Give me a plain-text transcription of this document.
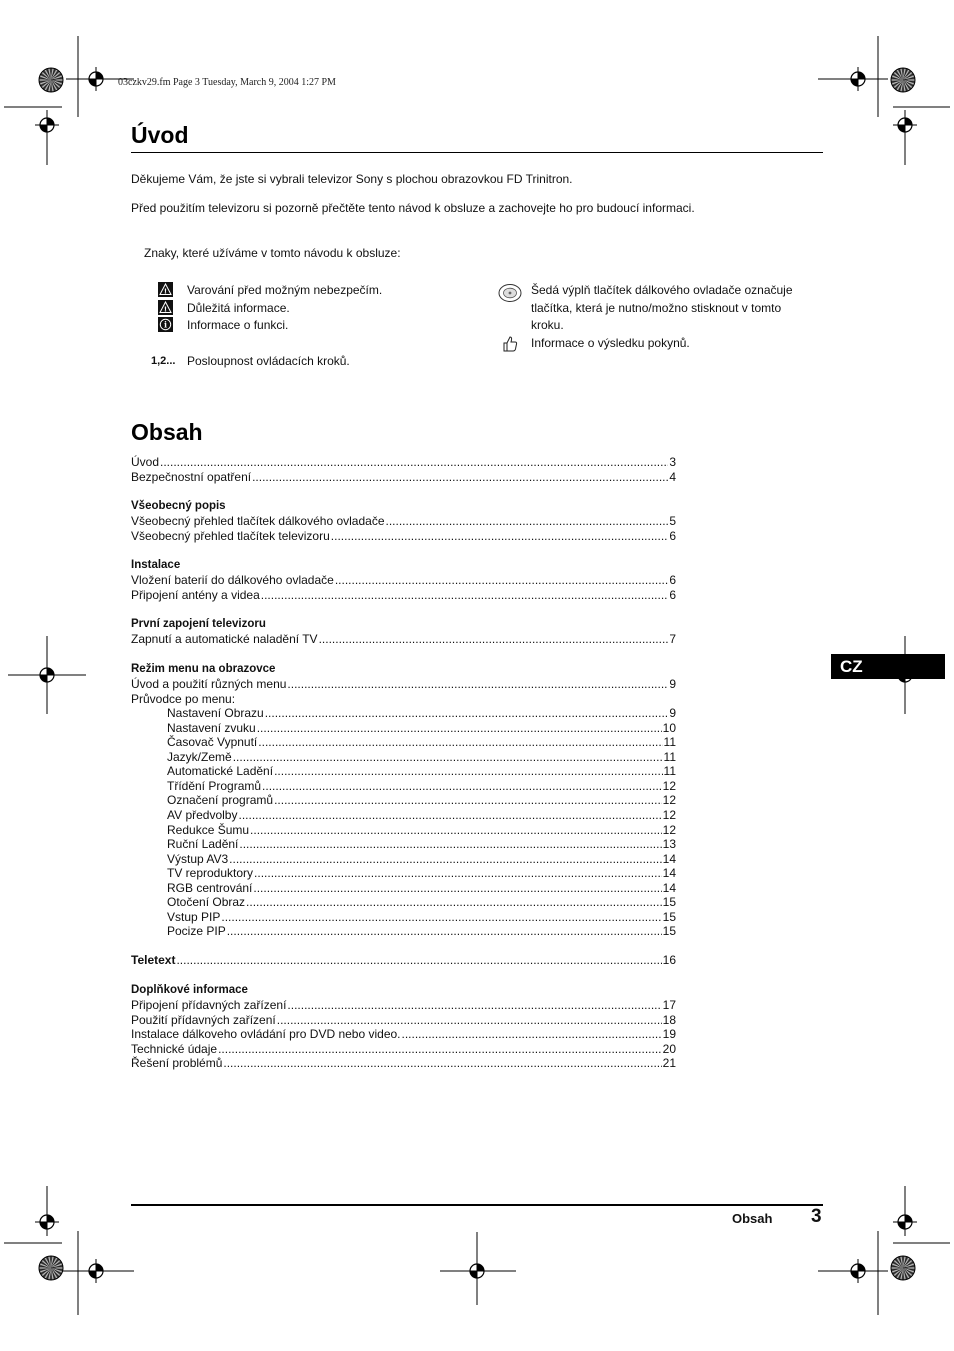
03czkv29.fm Page 3 Tuesday, March 9, 2004 1:27 PM
Úvod
Děkujeme Vám, že jste si vybrali televizor Sony s plochou obrazovkou FD Trinitron.
Před použitím televizoru si pozorně přečtěte tento návod k obsluze a zachovejte ho pro budoucí informaci.
Znaky, které užíváme v tomto návodu k obsluze:
! Varování před možným nebezpečím.
! Důležitá informace.
i Informace o funkci.
1,2... Posloupnost ovládacích kroků.
Šedá výplň tlačítek dálkového ovladače označuje
tlačítka, která je nutno/možno stisknout v tomto
kroku.
Informace o výsledku pokynů.
Obsah
Úvod .....	3
Bezpečnostní opatření .....	4
Všeobecný popis
Všeobecný přehled tlačítek dálkového ovladače .....	5
Všeobecný přehled tlačítek televizoru .....	6
Instalace
Vložení baterií do dálkového ovladače .....	6
Připojení antény a videa .....	6
První zapojení televizoru
Zapnutí a automatické naladění TV .....	7
Režim menu na obrazovce
Úvod a použití různých menu .....	9
Průvodce po menu:
Nastavení Obrazu .....	9
Nastavení zvuku .....	10
Časovač Vypnutí .....	11
Jazyk/Země .....	11
Automatické Ladění .....	11
Třídění Programů .....	12
Označení programů .....	12
AV předvolby .....	12
Redukce Šumu .....	12
Ruční Ladění .....	13
Výstup AV3 .....	14
TV reproduktory .....	14
RGB centrování .....	14
Otočení Obraz .....	15
Vstup PIP .....	15
Pocize PIP .....	15
Teletext .....	16
Doplňkové informace
Připojení přídavných zařízení .....	17
Použití přídavných zařízení .....	18
Instalace dálkoveho ovládání pro DVD nebo video. .....	19
Technické údaje .....	20
Řešení problémů .....	21
CZ
Obsah 3
